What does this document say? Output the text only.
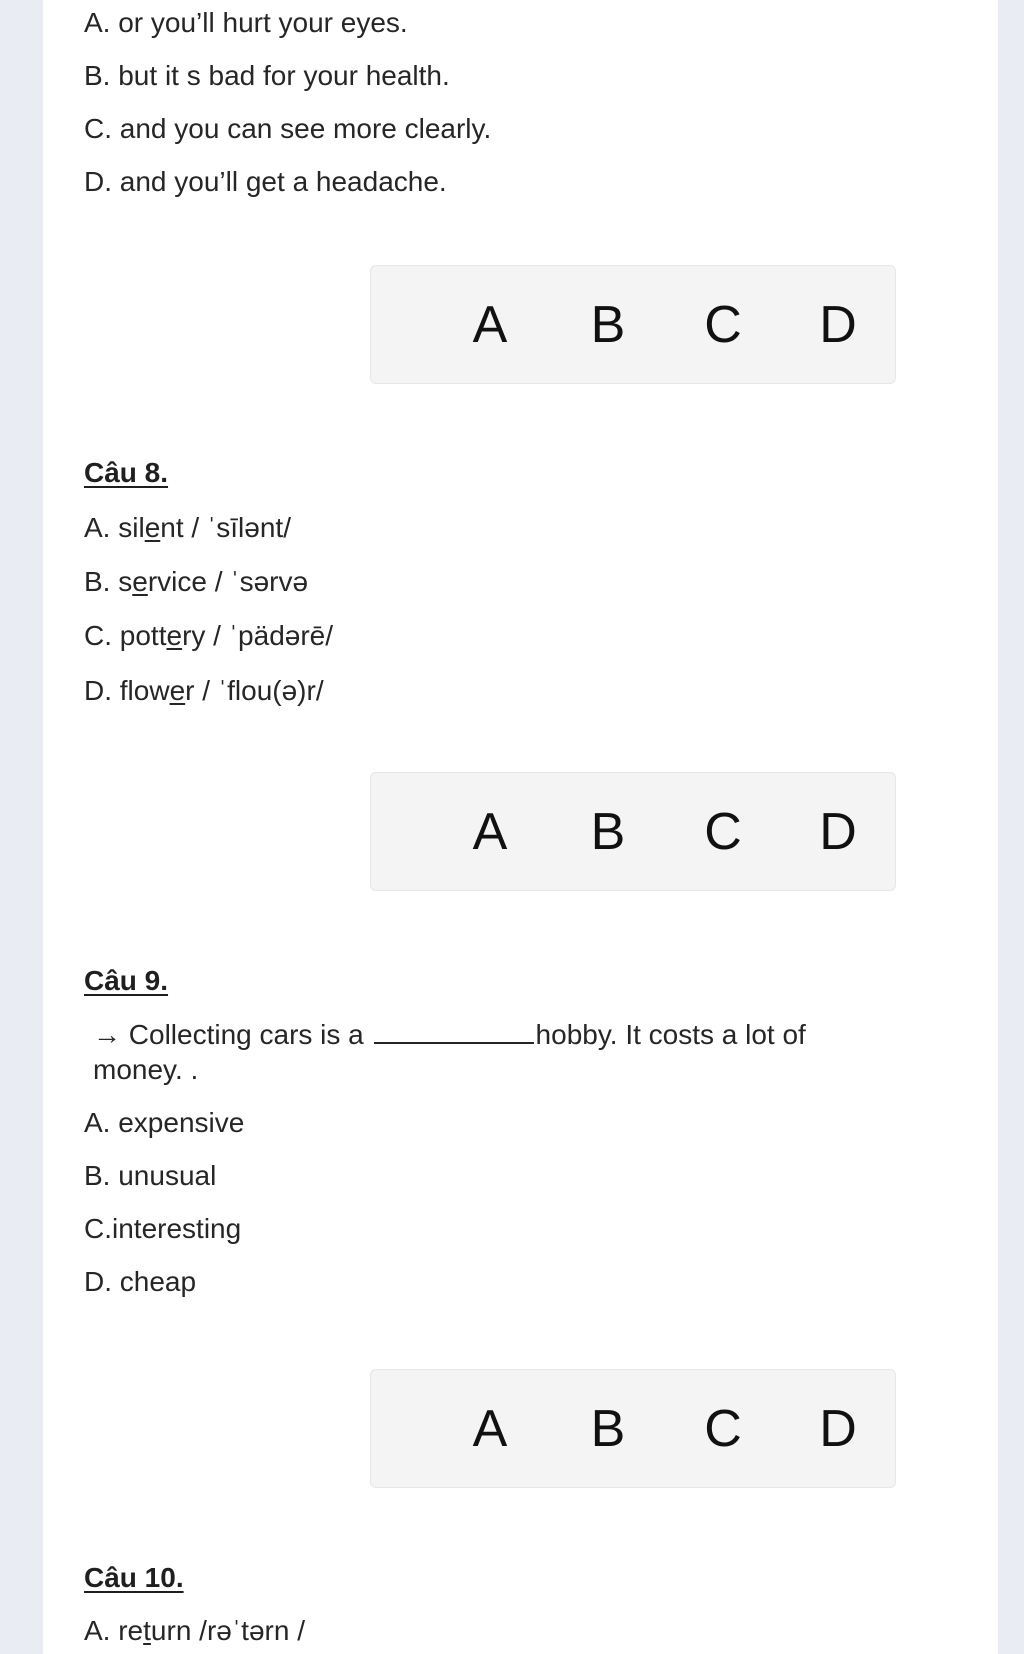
A. or you’ll hurt your eyes.

B. but it s bad for your health.

C. and you can see more clearly.

D. and you’ll get a headache.

A	B	C	D

Câu 8.

A. silent / ˈsīlənt/

B. service / ˈsərvə

C. pottery / ˈpädərē/

D. flower / ˈflou(ə)r/

A	B	C	D

Câu 9.

→ Collecting cars is a	hobby. It costs a lot of

money. .

A. expensive

B. unusual

C.interesting

D. cheap

A	B	C	D

Câu 10.

A. return /rəˈtərn /
